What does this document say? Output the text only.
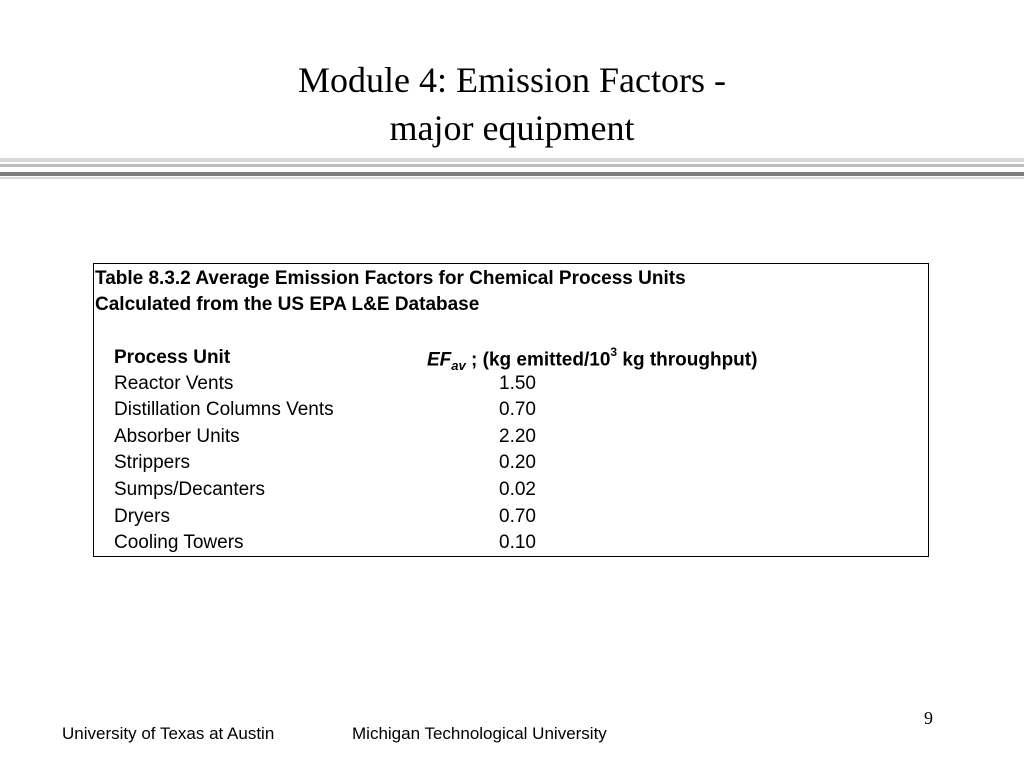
Module 4: Emission Factors -
major equipment
Table 8.3.2 Average Emission Factors for Chemical Process Units
Calculated from the US EPA L&E Database
Process Unit	$EF_{av}$ ; (kg emitted/$10^3$ kg throughput)
Reactor Vents	1.50
Distillation Columns Vents	0.70
Absorber Units	2.20
Strippers	0.20
Sumps/Decanters	0.02
Dryers	0.70
Cooling Towers	0.10
9
University of Texas at Austin	Michigan Technological University
